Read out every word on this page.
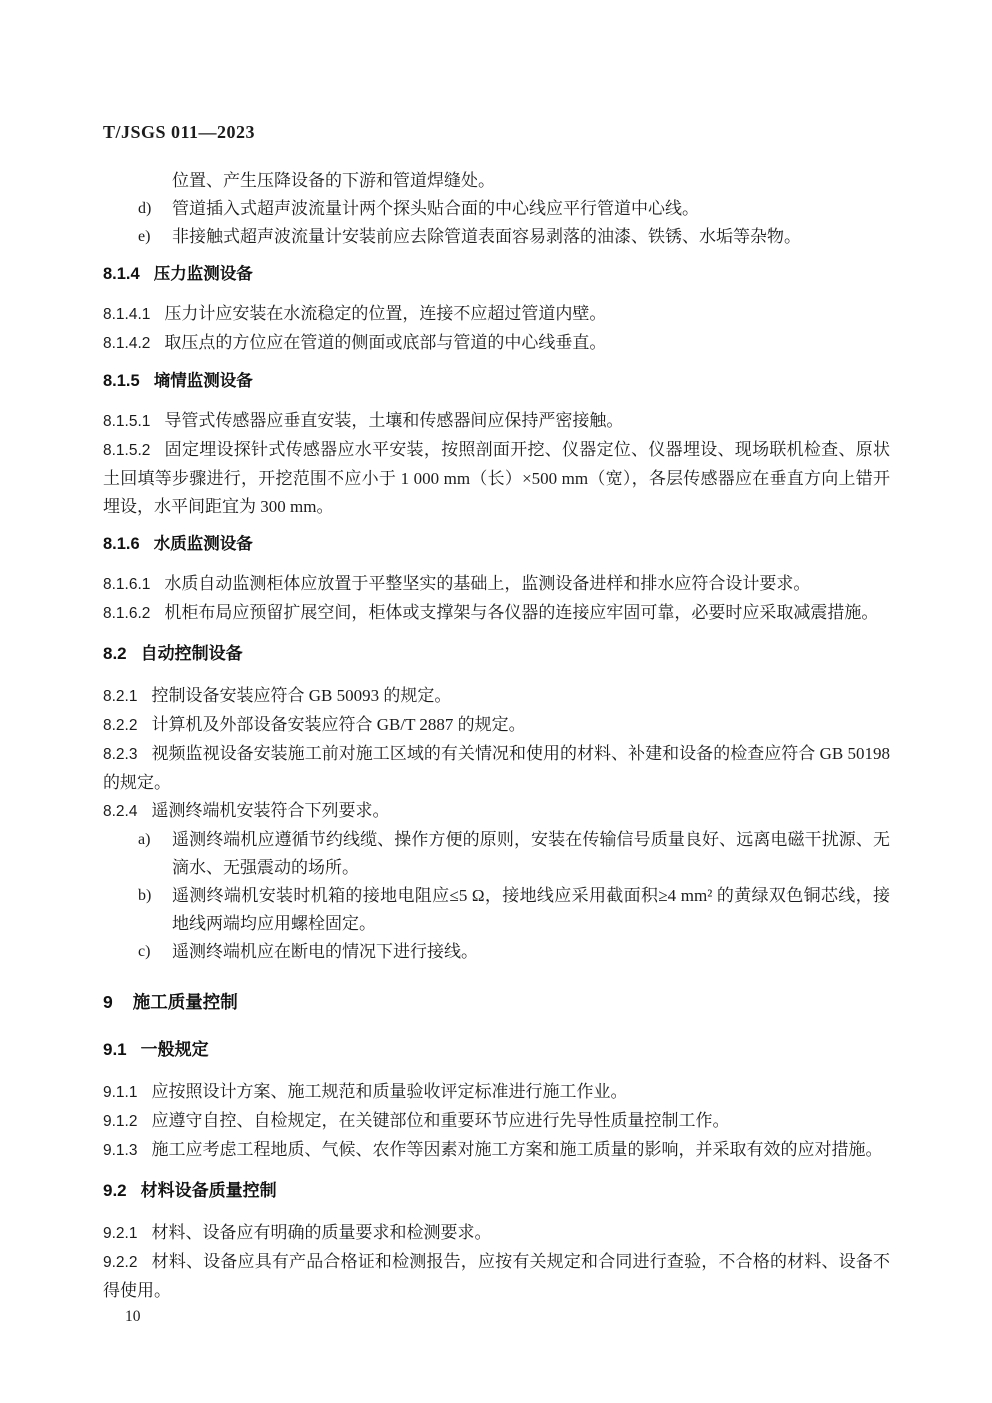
T/JSGS 011—2023

位置、产生压降设备的下游和管道焊缝处。

d) 管道插入式超声波流量计两个探头贴合面的中心线应平行管道中心线。

e) 非接触式超声波流量计安装前应去除管道表面容易剥落的油漆、铁锈、水垢等杂物。

8.1.4 压力监测设备

8.1.4.1 压力计应安装在水流稳定的位置，连接不应超过管道内壁。

8.1.4.2 取压点的方位应在管道的侧面或底部与管道的中心线垂直。

8.1.5 墒情监测设备

8.1.5.1 导管式传感器应垂直安装，土壤和传感器间应保持严密接触。

8.1.5.2 固定埋设探针式传感器应水平安装，按照剖面开挖、仪器定位、仪器埋设、现场联机检查、原状土回填等步骤进行，开挖范围不应小于 1 000 mm（长）×500 mm（宽），各层传感器应在垂直方向上错开埋设，水平间距宜为 300 mm。

8.1.6 水质监测设备

8.1.6.1 水质自动监测柜体应放置于平整坚实的基础上，监测设备进样和排水应符合设计要求。

8.1.6.2 机柜布局应预留扩展空间，柜体或支撑架与各仪器的连接应牢固可靠，必要时应采取减震措施。

8.2 自动控制设备

8.2.1 控制设备安装应符合 GB 50093 的规定。

8.2.2 计算机及外部设备安装应符合 GB/T 2887 的规定。

8.2.3 视频监视设备安装施工前对施工区域的有关情况和使用的材料、补建和设备的检查应符合 GB 50198的规定。

8.2.4 遥测终端机安装符合下列要求。

a) 遥测终端机应遵循节约线缆、操作方便的原则，安装在传输信号质量良好、远离电磁干扰源、无滴水、无强震动的场所。

b) 遥测终端机安装时机箱的接地电阻应≤5 Ω，接地线应采用截面积≥4 mm² 的黄绿双色铜芯线，接地线两端均应用螺栓固定。

c) 遥测终端机应在断电的情况下进行接线。

9 施工质量控制

9.1 一般规定

9.1.1 应按照设计方案、施工规范和质量验收评定标准进行施工作业。

9.1.2 应遵守自控、自检规定，在关键部位和重要环节应进行先导性质量控制工作。

9.1.3 施工应考虑工程地质、气候、农作等因素对施工方案和施工质量的影响，并采取有效的应对措施。

9.2 材料设备质量控制

9.2.1 材料、设备应有明确的质量要求和检测要求。

9.2.2 材料、设备应具有产品合格证和检测报告，应按有关规定和合同进行查验，不合格的材料、设备不得使用。

10
